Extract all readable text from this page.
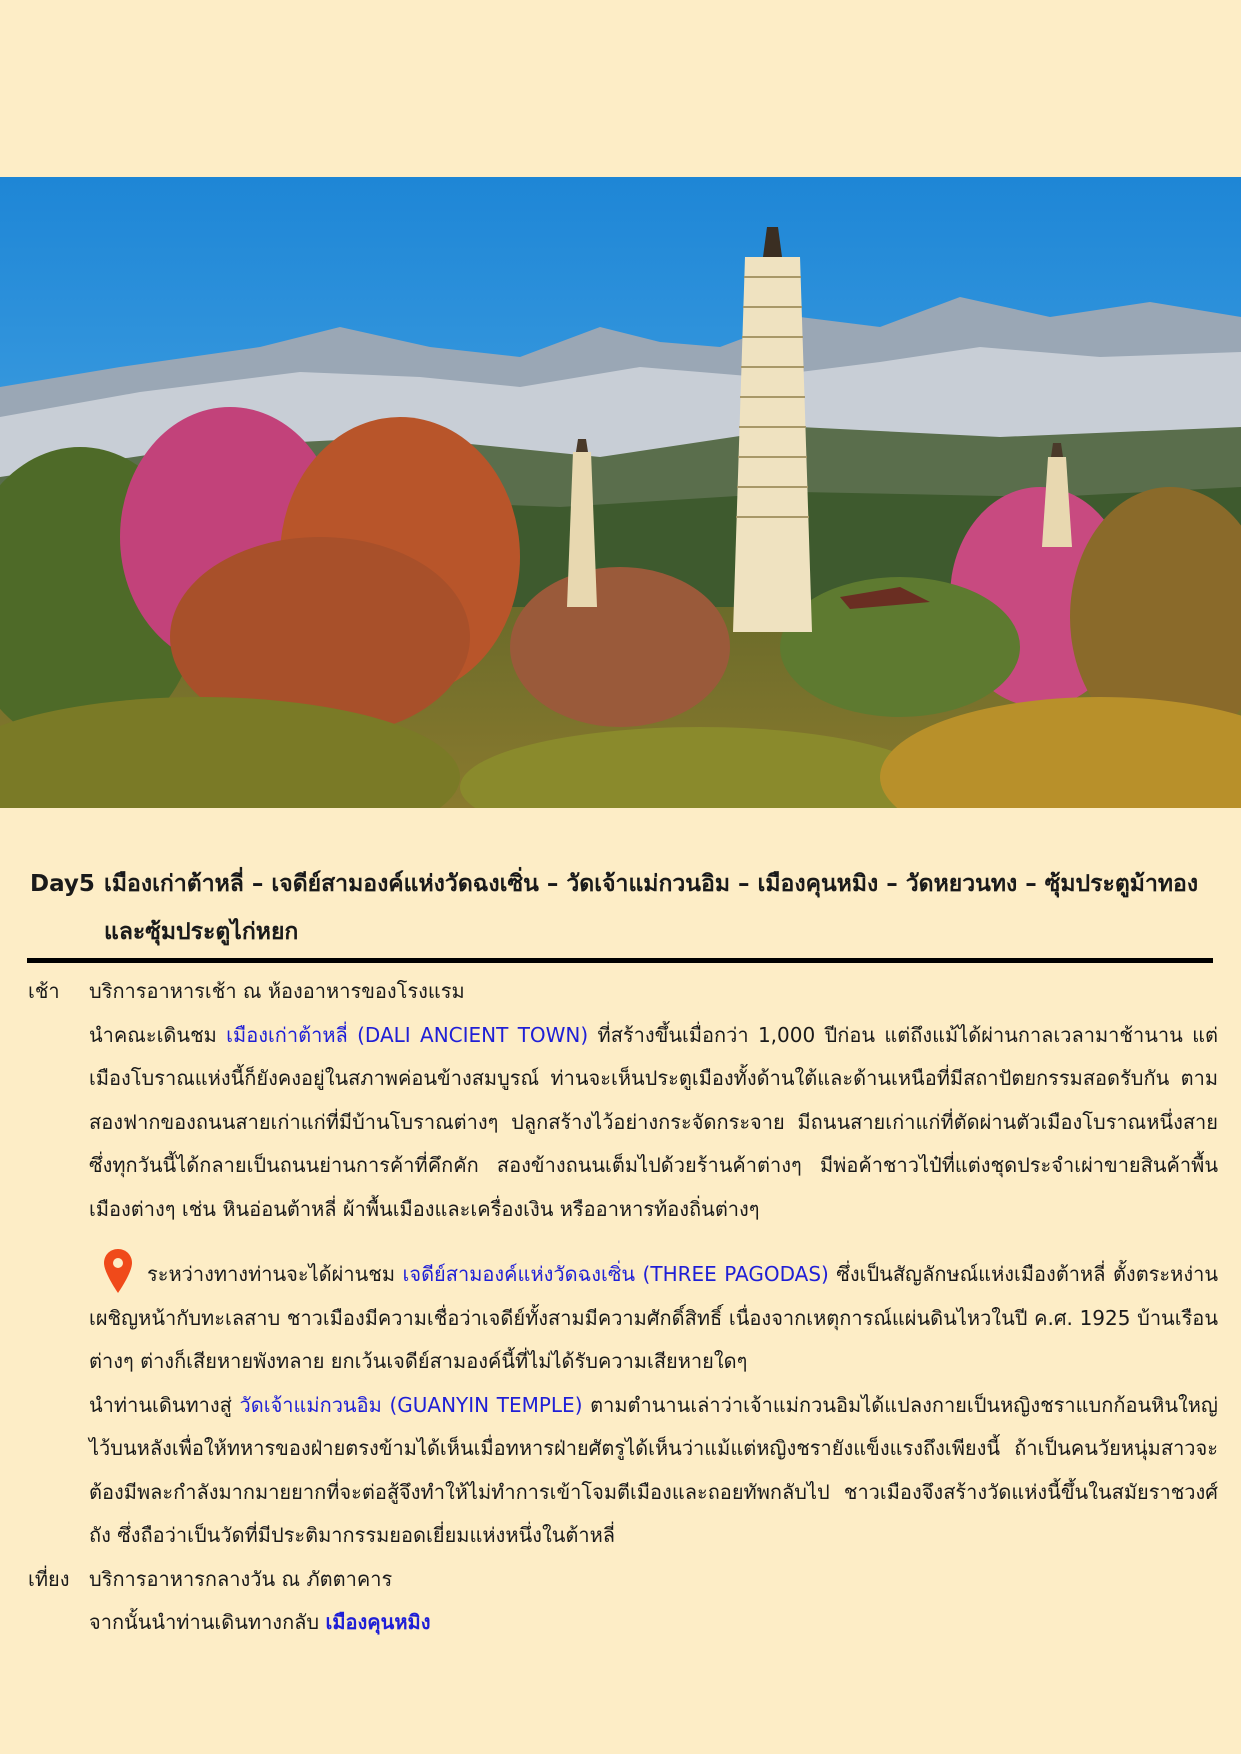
Day5 เมืองเก่าต้าหลี่ – เจดีย์สามองค์แห่งวัดฉงเซิ่น – วัดเจ้าแม่กวนอิม – เมืองคุนหมิง – วัดหยวนทง – ซุ้มประตูม้าทองและซุ้มประตูไก่หยก
เช้า บริการอาหารเช้า ณ ห้องอาหารของโรงแรม

นำคณะเดินชม เมืองเก่าต้าหลี่ (DALI ANCIENT TOWN) ที่สร้างขึ้นเมื่อกว่า 1,000 ปีก่อน แต่ถึงแม้ได้ผ่านกาลเวลามาช้านาน แต่เมืองโบราณแห่งนี้ก็ยังคงอยู่ในสภาพค่อนข้างสมบูรณ์ ท่านจะเห็นประตูเมืองทั้งด้านใต้และด้านเหนือที่มีสถาปัตยกรรมสอดรับกัน ตามสองฟากของถนนสายเก่าแก่ที่มีบ้านโบราณต่างๆ ปลูกสร้างไว้อย่างกระจัดกระจาย มีถนนสายเก่าแก่ที่ตัดผ่านตัวเมืองโบราณหนึ่งสาย ซึ่งทุกวันนี้ได้กลายเป็นถนนย่านการค้าที่คึกคัก สองข้างถนนเต็มไปด้วยร้านค้าต่างๆ มีพ่อค้าชาวไป๋ที่แต่งชุดประจำเผ่าขายสินค้าพื้นเมืองต่างๆ เช่น หินอ่อนต้าหลี่ ผ้าพื้นเมืองและเครื่องเงิน หรืออาหารท้องถิ่นต่างๆ

ระหว่างทางท่านจะได้ผ่านชม เจดีย์สามองค์แห่งวัดฉงเซิ่น (THREE PAGODAS) ซึ่งเป็นสัญลักษณ์แห่งเมืองต้าหลี่ ตั้งตระหง่านเผชิญหน้ากับทะเลสาบ ชาวเมืองมีความเชื่อว่าเจดีย์ทั้งสามมีความศักดิ์สิทธิ์ เนื่องจากเหตุการณ์แผ่นดินไหวในปี ค.ศ. 1925 บ้านเรือนต่างๆ ต่างก็เสียหายพังทลาย ยกเว้นเจดีย์สามองค์นี้ที่ไม่ได้รับความเสียหายใดๆ

นำท่านเดินทางสู่ วัดเจ้าแม่กวนอิม (GUANYIN TEMPLE) ตามตำนานเล่าว่าเจ้าแม่กวนอิมได้แปลงกายเป็นหญิงชราแบกก้อนหินใหญ่ไว้บนหลังเพื่อให้ทหารของฝ่ายตรงข้ามได้เห็นเมื่อทหารฝ่ายศัตรูได้เห็นว่าแม้แต่หญิงชรายังแข็งแรงถึงเพียงนี้ ถ้าเป็นคนวัยหนุ่มสาวจะต้องมีพละกำลังมากมายยากที่จะต่อสู้จึงทำให้ไม่ทำการเข้าโจมตีเมืองและถอยทัพกลับไป ชาวเมืองจึงสร้างวัดแห่งนี้ขึ้นในสมัยราชวงศ์ถัง ซึ่งถือว่าเป็นวัดที่มีประติมากรรมยอดเยี่ยมแห่งหนึ่งในต้าหลี่

เที่ยง บริการอาหารกลางวัน ณ ภัตตาคาร

จากนั้นนำท่านเดินทางกลับ เมืองคุนหมิง
